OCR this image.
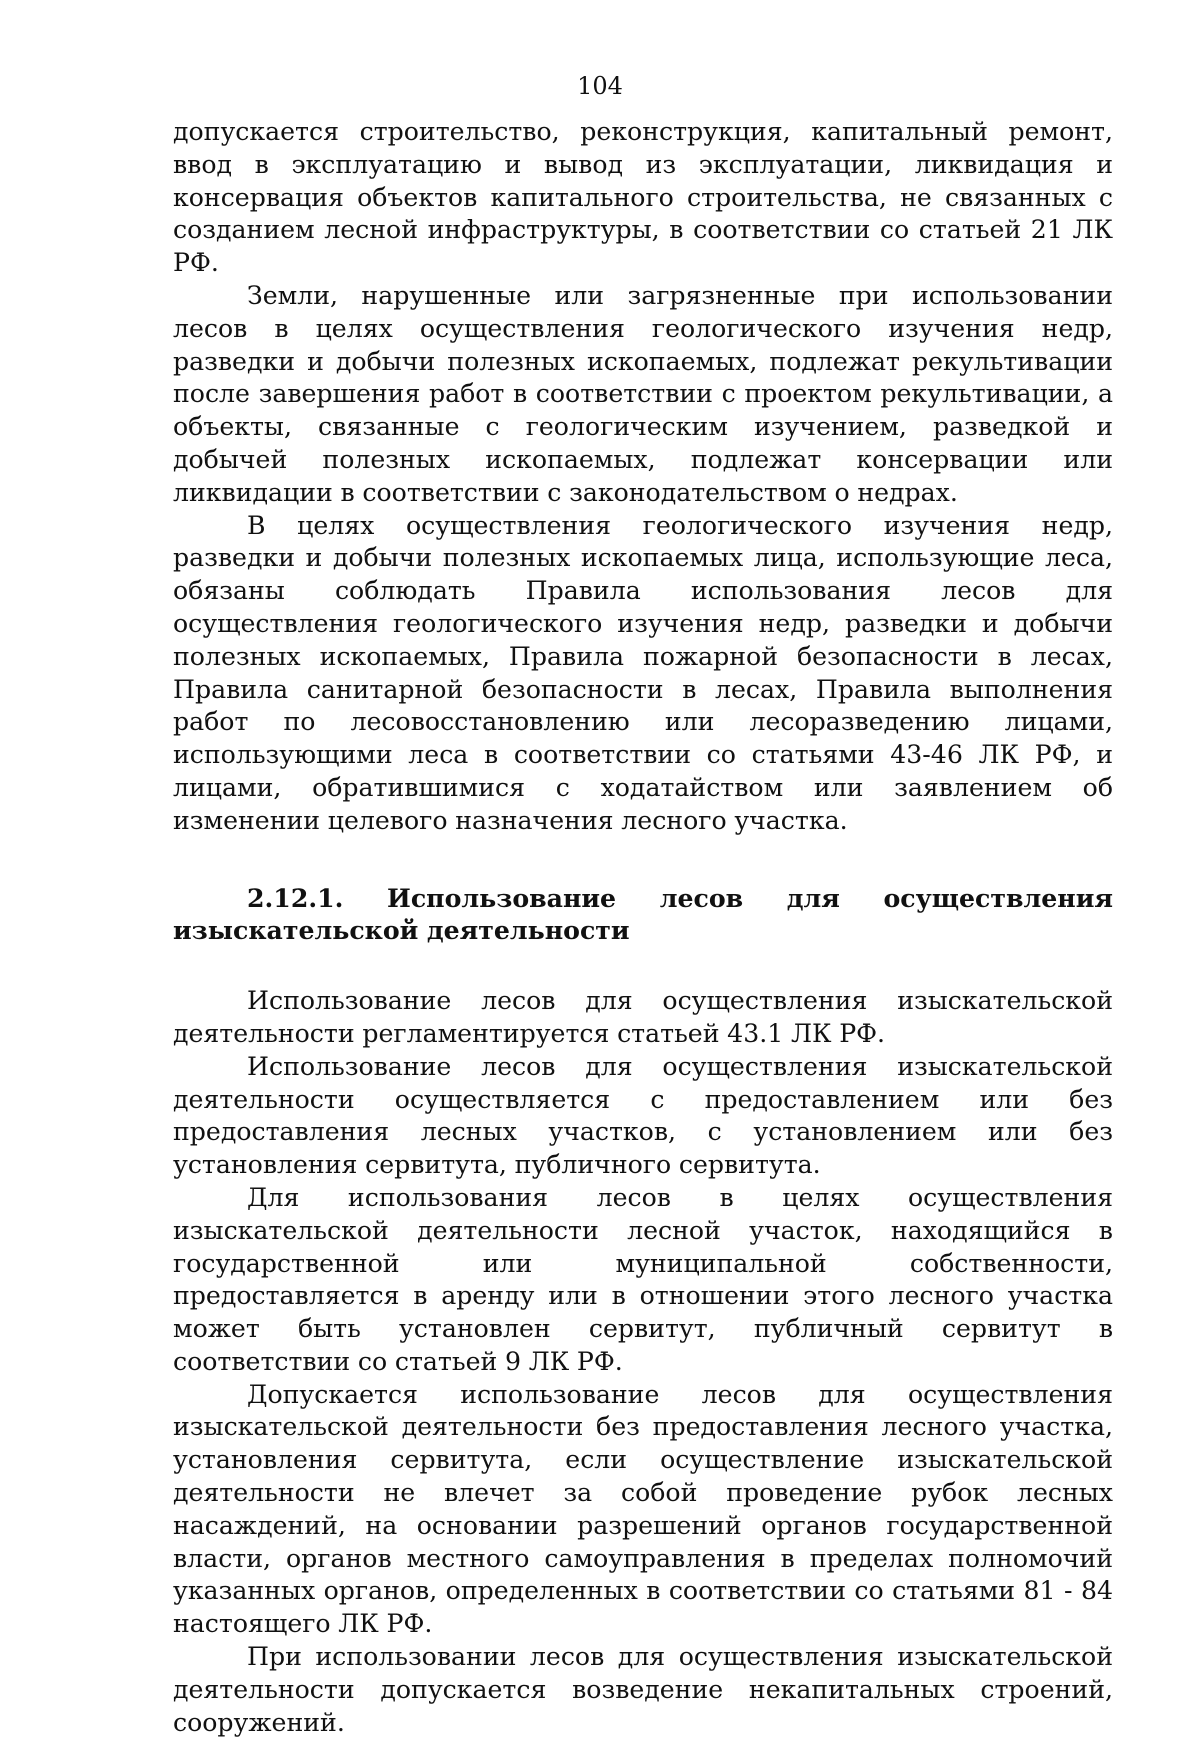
104

допускается строительство, реконструкция, капитальный ремонт, ввод в эксплуатацию и вывод из эксплуатации, ликвидация и консервация объектов капитального строительства, не связанных с созданием лесной инфраструктуры, в соответствии со статьей 21 ЛК РФ.

Земли, нарушенные или загрязненные при использовании лесов в целях осуществления геологического изучения недр, разведки и добычи полезных ископаемых, подлежат рекультивации после завершения работ в соответствии с проектом рекультивации, а объекты, связанные с геологическим изучением, разведкой и добычей полезных ископаемых, подлежат консервации или ликвидации в соответствии с законодательством о недрах.

В целях осуществления геологического изучения недр, разведки и добычи полезных ископаемых лица, использующие леса, обязаны соблюдать Правила использования лесов для осуществления геологического изучения недр, разведки и добычи полезных ископаемых, Правила пожарной безопасности в лесах, Правила санитарной безопасности в лесах, Правила выполнения работ по лесовосстановлению или лесоразведению лицами, использующими леса в соответствии со статьями 43-46 ЛК РФ, и лицами, обратившимися с ходатайством или заявлением об изменении целевого назначения лесного участка.

2.12.1. Использование лесов для осуществления изыскательской деятельности

Использование лесов для осуществления изыскательской деятельности регламентируется статьей 43.1 ЛК РФ.

Использование лесов для осуществления изыскательской деятельности осуществляется с предоставлением или без предоставления лесных участков, с установлением или без установления сервитута, публичного сервитута.

Для использования лесов в целях осуществления изыскательской деятельности лесной участок, находящийся в государственной или муниципальной собственности, предоставляется в аренду или в отношении этого лесного участка может быть установлен сервитут, публичный сервитут в соответствии со статьей 9 ЛК РФ.

Допускается использование лесов для осуществления изыскательской деятельности без предоставления лесного участка, установления сервитута, если осуществление изыскательской деятельности не влечет за собой проведение рубок лесных насаждений, на основании разрешений органов государственной власти, органов местного самоуправления в пределах полномочий указанных органов, определенных в соответствии со статьями 81 - 84 настоящего ЛК РФ.

При использовании лесов для осуществления изыскательской деятельности допускается возведение некапитальных строений, сооружений.
